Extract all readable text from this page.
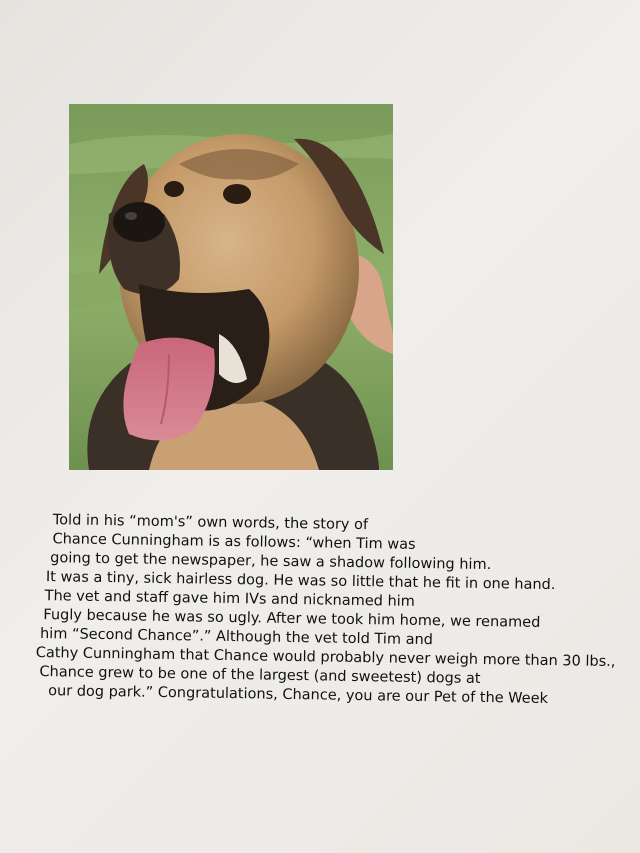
Told in his “mom's” own words, the story of
Chance Cunningham is as follows: “when Tim was
going to get the newspaper, he saw a shadow following him.
It was a tiny, sick hairless dog. He was so little that he fit in one hand.
The vet and staff gave him IVs and nicknamed him
Fugly because he was so ugly. After we took him home, we renamed
him “Second Chance”.” Although the vet told Tim and
Cathy Cunningham that Chance would probably never weigh more than 30 lbs.,
Chance grew to be one of the largest (and sweetest) dogs at
our dog park.” Congratulations, Chance, you are our Pet of the Week
